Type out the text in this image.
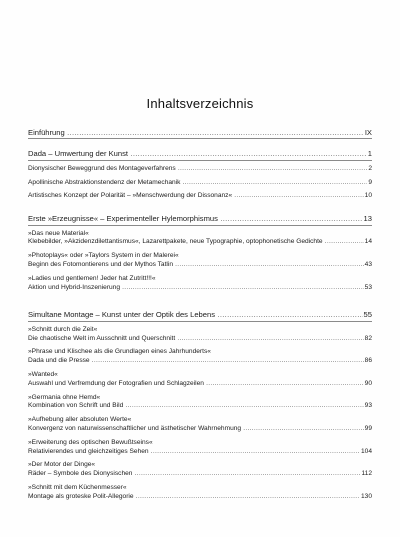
Inhaltsverzeichnis
Einführung .....	IX
Dada – Umwertung der Kunst .....	1
Dionysischer Beweggrund des Montageverfahrens .....	2
Apollinische Abstraktionstendenz der Metamechanik .....	9
Artistisches Konzept der Polarität – »Menschwerdung der Dissonanz« .....	10
Erste »Erzeugnisse« – Experimenteller Hylemorphismus .....	13
»Das neue Material«
Klebebilder, »Akzidenzdilettantismus«, Lazarettpakete, neue Typographie, optophonetische Gedichte .....	14
»Photoplays« oder »Taylors System in der Malerei«
Beginn des Fotomontierens und der Mythos Tatlin .....	43
»Ladies und gentlemen! Jeder hat Zutritt!!!«
Aktion und Hybrid-Inszenierung .....	53
Simultane Montage – Kunst unter der Optik des Lebens .....	55
»Schnitt durch die Zeit«
Die chaotische Welt im Ausschnitt und Querschnitt .....	82
»Phrase und Klischee als die Grundlagen eines Jahrhunderts«
Dada und die Presse .....	86
»Wanted«
Auswahl und Verfremdung der Fotografien und Schlagzeilen .....	90
»Germania ohne Hemd«
Kombination von Schrift und Bild .....	93
»Aufhebung aller absoluten Werte«
Konvergenz von naturwissenschaftlicher und ästhetischer Wahrnehmung .....	99
»Erweiterung des optischen Bewußtseins«
Relativierendes und gleichzeitiges Sehen .....	104
»Der Motor der Dinge«
Räder – Symbole des Dionysischen .....	112
»Schnitt mit dem Küchenmesser«
Montage als groteske Polit-Allegorie .....	130
